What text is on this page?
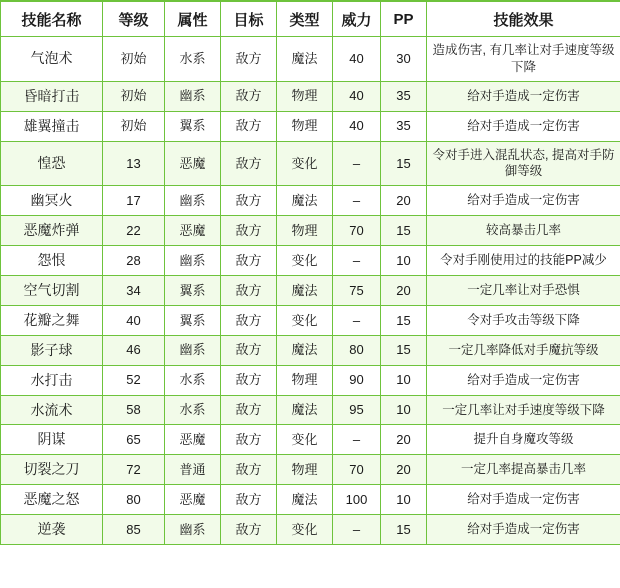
技能名称	等级	属性	目标	类型	威力	PP	技能效果
气泡术	初始	水系	敌方	魔法	40	30	造成伤害, 有几率让对手速度等级下降
昏暗打击	初始	幽系	敌方	物理	40	35	给对手造成一定伤害
雄翼撞击	初始	翼系	敌方	物理	40	35	给对手造成一定伤害
惶恐	13	恶魔	敌方	变化	–	15	令对手进入混乱状态, 提高对手防御等级
幽冥火	17	幽系	敌方	魔法	–	20	给对手造成一定伤害
恶魔炸弹	22	恶魔	敌方	物理	70	15	较高暴击几率
怨恨	28	幽系	敌方	变化	–	10	令对手刚使用过的技能PP减少
空气切割	34	翼系	敌方	魔法	75	20	一定几率让对手恐惧
花瓣之舞	40	翼系	敌方	变化	–	15	令对手攻击等级下降
影子球	46	幽系	敌方	魔法	80	15	一定几率降低对手魔抗等级
水打击	52	水系	敌方	物理	90	10	给对手造成一定伤害
水流术	58	水系	敌方	魔法	95	10	一定几率让对手速度等级下降
阴谋	65	恶魔	敌方	变化	–	20	提升自身魔攻等级
切裂之刀	72	普通	敌方	物理	70	20	一定几率提高暴击几率
恶魔之怒	80	恶魔	敌方	魔法	100	10	给对手造成一定伤害
逆袭	85	幽系	敌方	变化	–	15	给对手造成一定伤害
